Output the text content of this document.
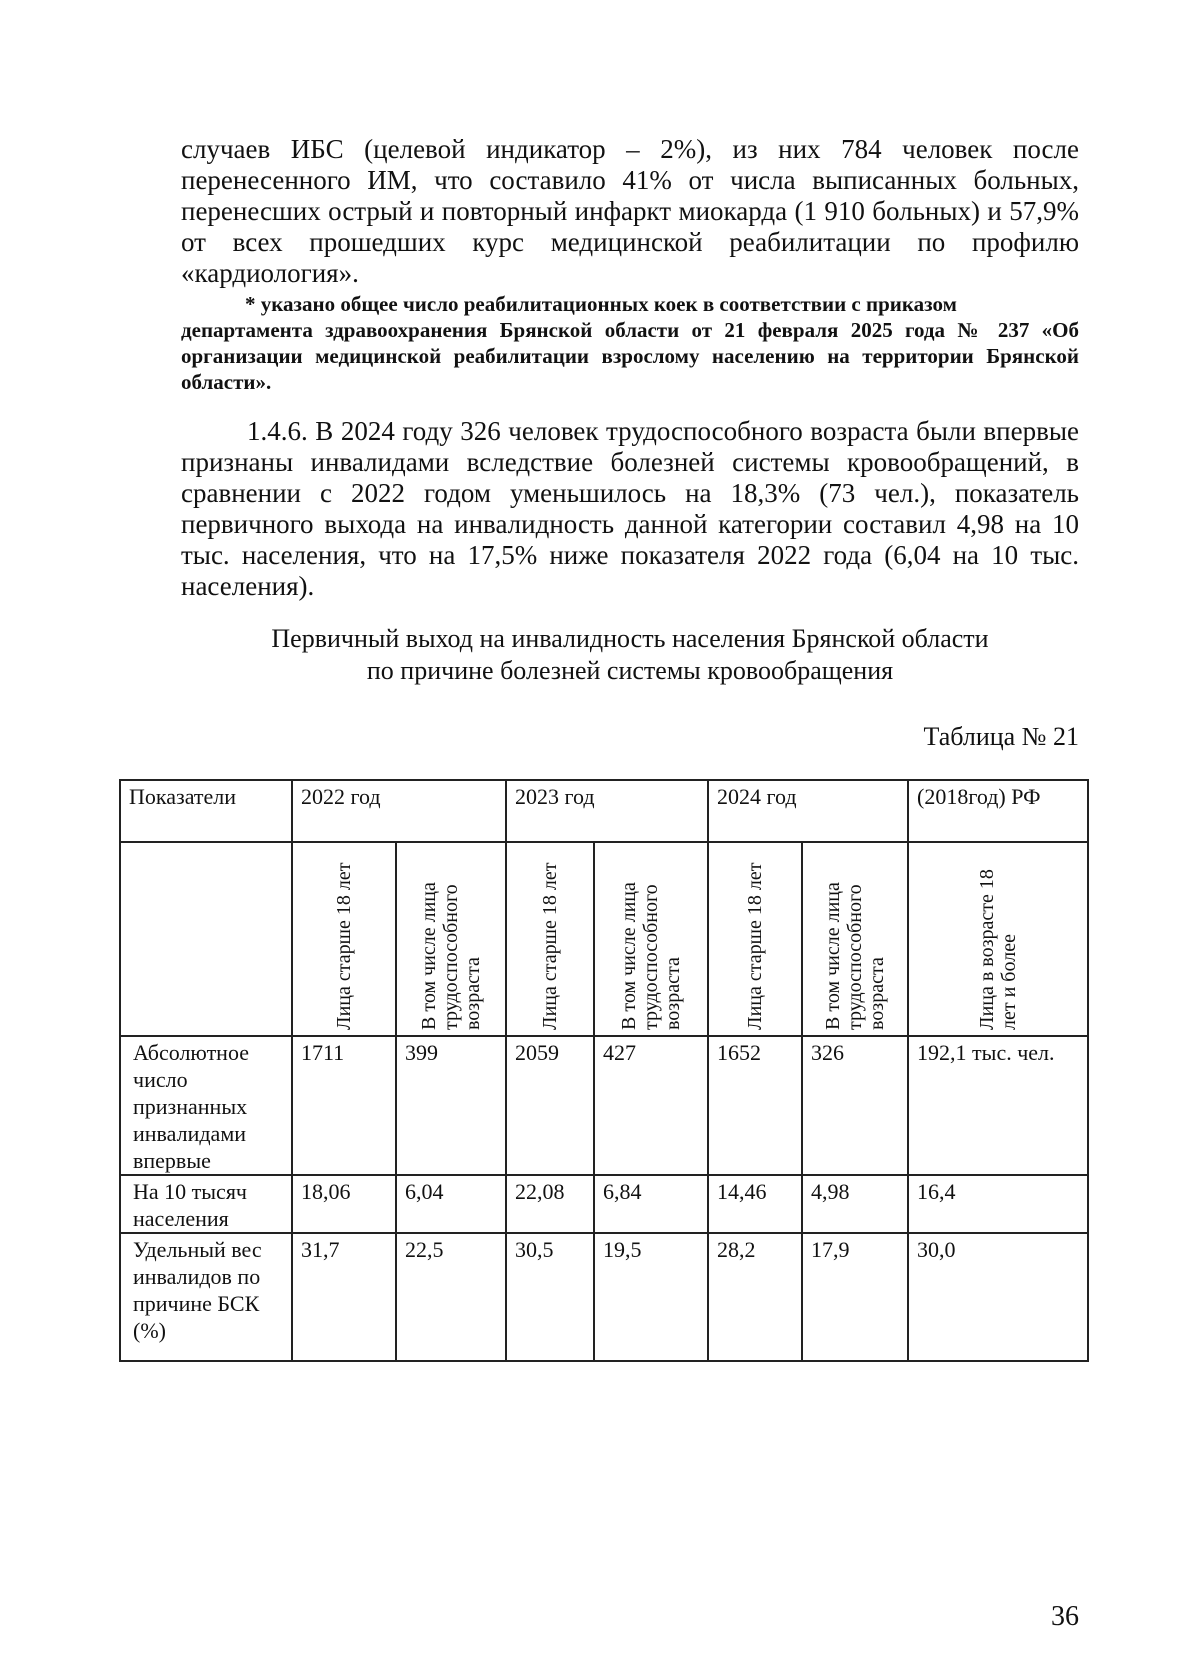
случаев ИБС (целевой индикатор – 2%), из них 784 человек после перенесенного ИМ, что составило 41% от числа выписанных больных, перенесших острый и повторный инфаркт миокарда (1 910 больных) и 57,9% от всех прошедших курс медицинской реабилитации по профилю «кардиология».
* указано общее число реабилитационных коек в соответствии с приказом
департамента здравоохранения Брянской области от 21 февраля 2025 года № 237 «Об организации медицинской реабилитации взрослому населению на территории Брянской области».
1.4.6. В 2024 году 326 человек трудоспособного возраста были впервые признаны инвалидами вследствие болезней системы кровообращений, в сравнении с 2022 годом уменьшилось на 18,3% (73 чел.), показатель первичного выхода на инвалидность данной категории составил 4,98 на 10 тыс. населения, что на 17,5% ниже показателя 2022 года (6,04 на 10 тыс. населения).
Первичный выход на инвалидность населения Брянской области
по причине болезней системы кровообращения
Таблица № 21
Показатели	2022 год		2023 год		2024 год		(2018год) РФ

	Лица старше 18 лет	В том числе лица трудоспособного возраста	Лица старше 18 лет	В том числе лица трудоспособного возраста	Лица старше 18 лет	В том числе лица трудоспособного возраста	Лица в возрасте 18 лет и более

Абсолютное число признанных инвалидами впервые	1711	399	2059	427	1652	326	192,1 тыс. чел.
На 10 тысяч населения	18,06	6,04	22,08	6,84	14,46	4,98	16,4
Удельный вес инвалидов по причине БСК (%)	31,7	22,5	30,5	19,5	28,2	17,9	30,0
36
